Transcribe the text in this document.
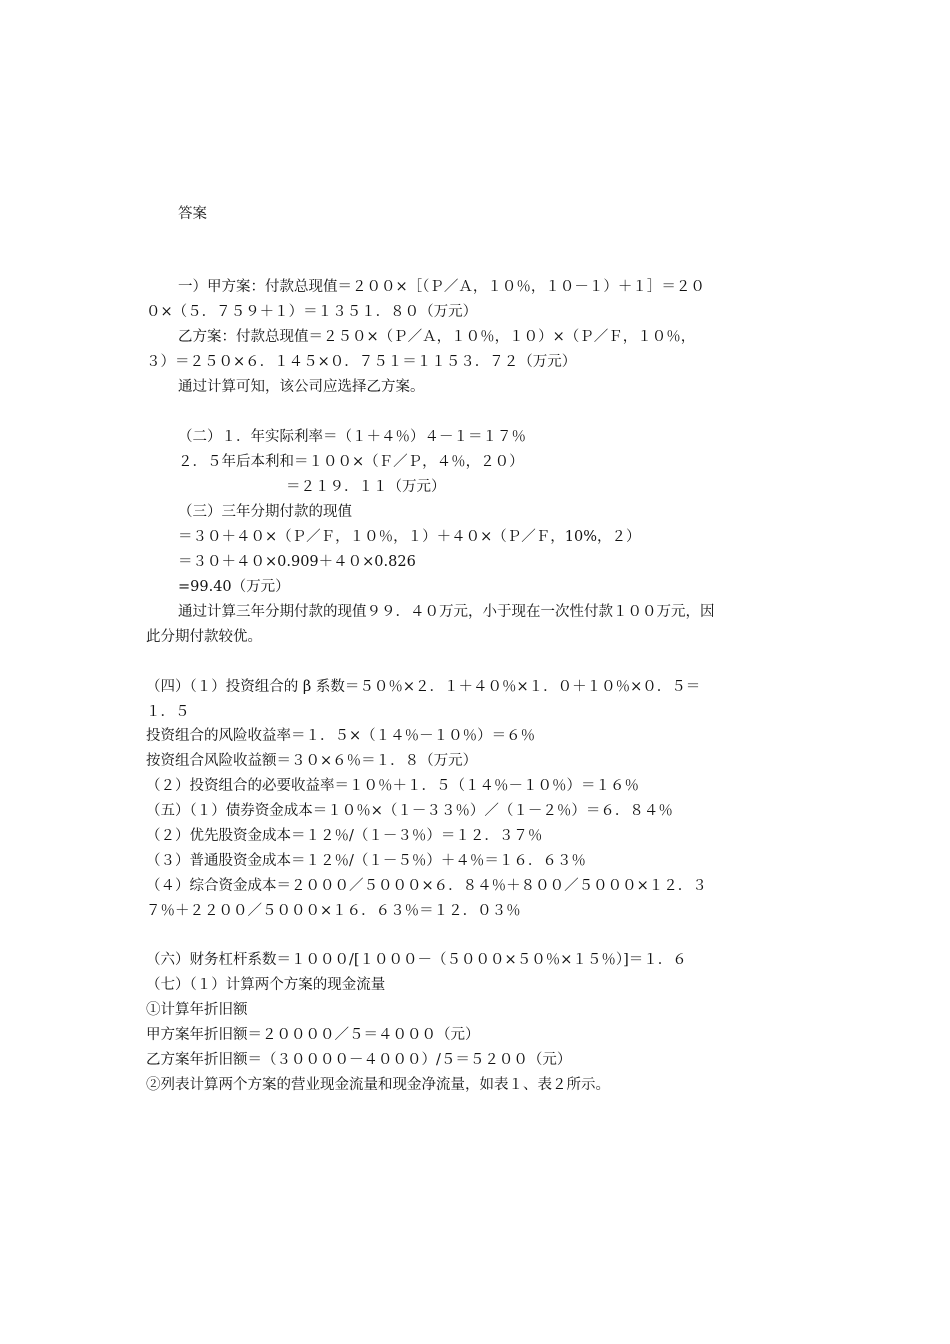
答案
一）甲方案：付款总现值＝２００×［（Ｐ／Ａ，１０％，１０－１）＋１］＝２０
０×（５．７５９＋１）＝１３５１．８０（万元）
乙方案：付款总现值＝２５０×（Ｐ／Ａ，１０％，１０）×（Ｐ／Ｆ，１０％，
３）＝２５０×６．１４５×０．７５１＝１１５３．７２（万元）
通过计算可知，该公司应选择乙方案。
（二）１．年实际利率＝（１＋４％）４－１＝１７％
２．５年后本利和＝１００×（Ｆ／Ｐ，４％，２０）
＝２１９．１１（万元）
（三）三年分期付款的现值
＝３０＋４０×（Ｐ／Ｆ，１０％，１）＋４０×（Ｐ／Ｆ，10%，２）
＝３０＋４０×0.909＋４０×0.826
=99.40（万元）
通过计算三年分期付款的现值９９．４０万元，小于现在一次性付款１００万元，因
此分期付款较优。
（四）（１）投资组合的 β 系数＝５０％×２．１＋４０％×１．０＋１０％×０．５＝
１．５
投资组合的风险收益率＝１．５×（１４％－１０％）＝６％
按资组合风险收益额＝３０×６％＝１．８（万元）
（２）投资组合的必要收益率＝１０％＋１．５（１４％－１０％）＝１６％
（五）（１）债券资金成本＝１０％×（１－３３％）／（１－２％）＝６．８４％
（２）优先股资金成本＝１２％/（１－３％）＝１２．３７％
（３）普通股资金成本＝１２％/（１－５％）＋４％＝１６．６３％
（４）综合资金成本＝２０００／５０００×６．８４％＋８００／５０００×１２．３
７％＋２２００／５０００×１６．６３％＝１２．０３％
（六）财务杠杆系数＝１０００/[１０００－（５０００×５０％×１５％）]＝１．６
（七）（１）计算两个方案的现金流量
①计算年折旧额
甲方案年折旧额＝２００００／５＝４０００（元）
乙方案年折旧额＝（３００００－４０００）/５＝５２００（元）
②列表计算两个方案的营业现金流量和现金净流量，如表１、表２所示。
